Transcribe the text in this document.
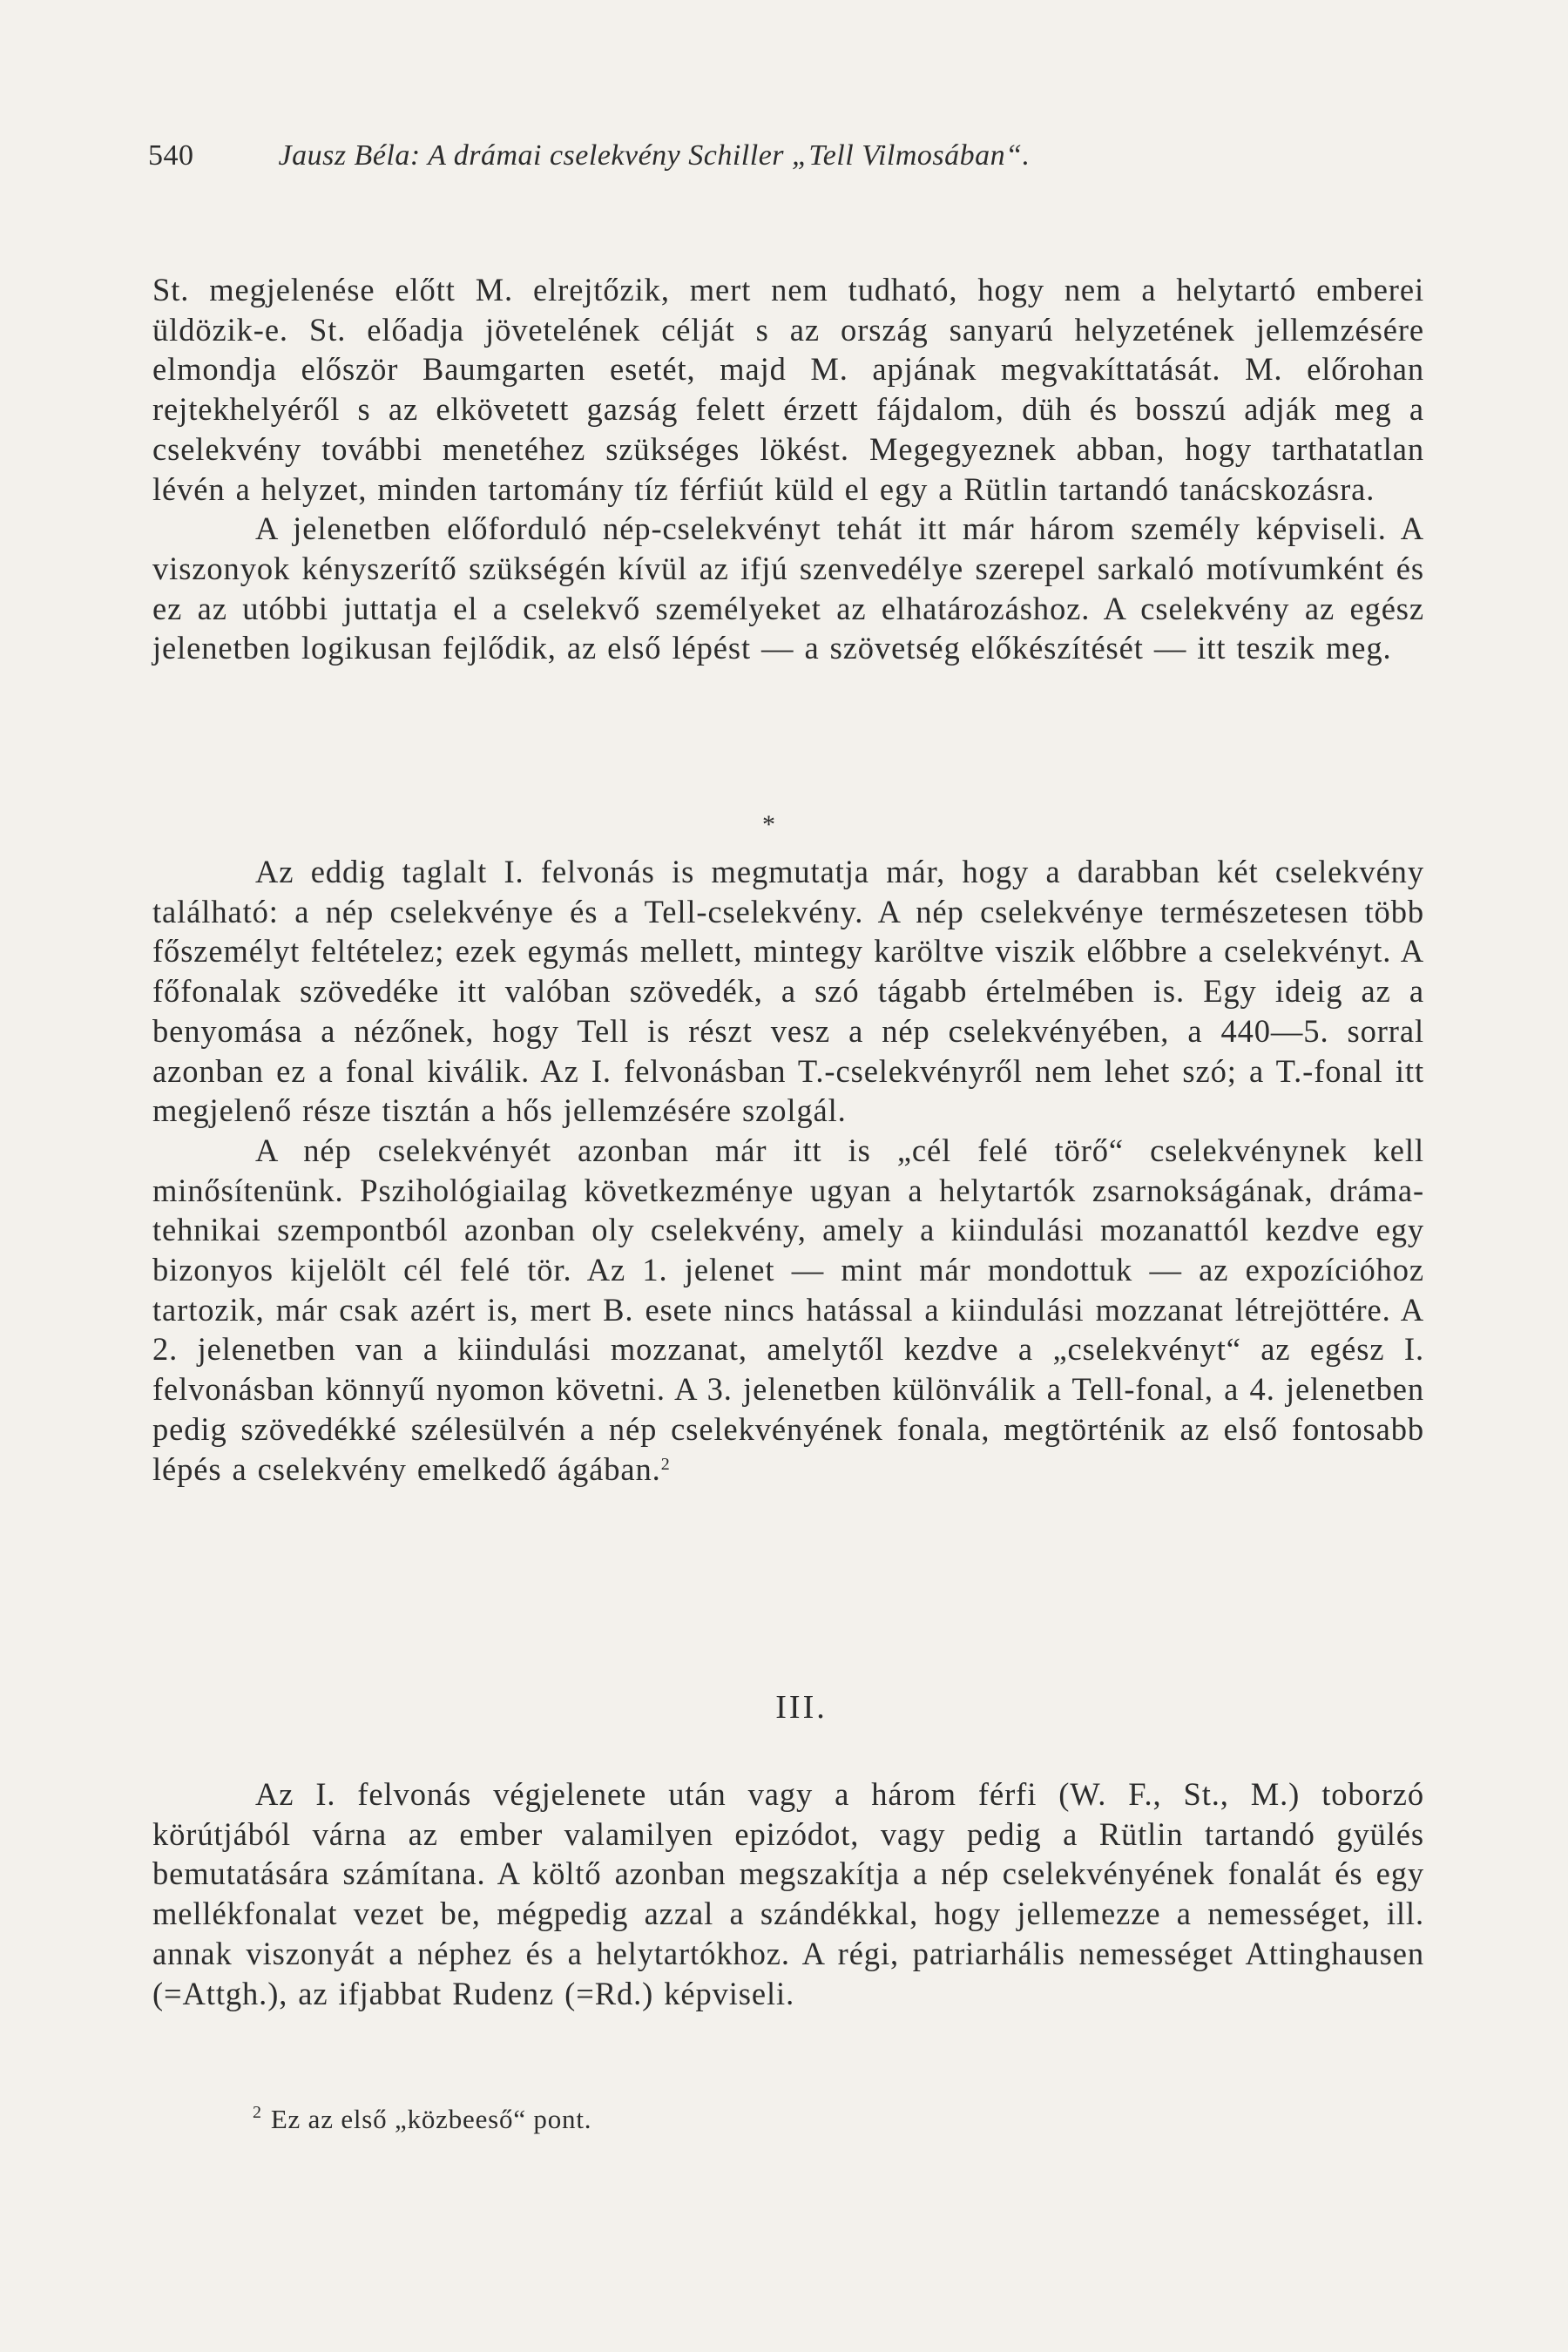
540	Jausz Béla: A drámai cselekvény Schiller „Tell Vilmosában“.

St. megjelenése előtt M. elrejtőzik, mert nem tudható, hogy nem a helytartó emberei üldözik-e. St. előadja jövetelének célját s az ország sanyarú helyzetének jellemzésére elmondja először Baumgarten esetét, majd M. apjának megvakíttatását. M. előrohan rejtekhelyéről s az elkövetett gazság felett érzett fájdalom, düh és bosszú adják meg a cselekvény további menetéhez szükséges lökést. Megegyeznek abban, hogy tarthatatlan lévén a helyzet, minden tartomány tíz férfiút küld el egy a Rütlin tartandó tanácskozásra.

A jelenetben előforduló nép-cselekvényt tehát itt már három személy képviseli. A viszonyok kényszerítő szükségén kívül az ifjú szenvedélye szerepel sarkaló motívumként és ez az utóbbi juttatja el a cselekvő személyeket az elhatározáshoz. A cselekvény az egész jelenetben logikusan fejlődik, az első lépést — a szövetség előkészítését — itt teszik meg.

*

Az eddig taglalt I. felvonás is megmutatja már, hogy a darabban két cselekvény található: a nép cselekvénye és a Tell-cselekvény. A nép cselekvénye természetesen több főszemélyt feltételez; ezek egymás mellett, mintegy karöltve viszik előbbre a cselekvényt. A főfonalak szövedéke itt valóban szövedék, a szó tágabb értelmében is. Egy ideig az a benyomása a nézőnek, hogy Tell is részt vesz a nép cselekvényében, a 440—5. sorral azonban ez a fonal kiválik. Az I. felvonásban T.-cselekvényről nem lehet szó; a T.-fonal itt megjelenő része tisztán a hős jellemzésére szolgál.

A nép cselekvényét azonban már itt is „cél felé törő“ cselekvénynek kell minősítenünk. Pszihológiailag következménye ugyan a helytartók zsarnokságának, dráma-tehnikai szempontból azonban oly cselekvény, amely a kiindulási mozanattól kezdve egy bizonyos kijelölt cél felé tör. Az 1. jelenet — mint már mondottuk — az expozícióhoz tartozik, már csak azért is, mert B. esete nincs hatással a kiindulási mozzanat létrejöttére. A 2. jelenetben van a kiindulási mozzanat, amelytől kezdve a „cselekvényt“ az egész I. felvonásban könnyű nyomon követni. A 3. jelenetben különválik a Tell-fonal, a 4. jelenetben pedig szövedékké szélesülvén a nép cselekvényének fonala, megtörténik az első fontosabb lépés a cselekvény emelkedő ágában.$^2$

III.

Az I. felvonás végjelenete után vagy a három férfi (W. F., St., M.) toborzó körútjából várna az ember valamilyen epizódot, vagy pedig a Rütlin tartandó gyülés bemutatására számítana. A költő azonban megszakítja a nép cselekvényének fonalát és egy mellékfonalat vezet be, mégpedig azzal a szándékkal, hogy jellemezze a nemességet, ill. annak viszonyát a néphez és a helytartókhoz. A régi, patriarhális nemességet Attinghausen (=Attgh.), az ifjabbat Rudenz (=Rd.) képviseli.

$^2$ Ez az első „közbeeső“ pont.
